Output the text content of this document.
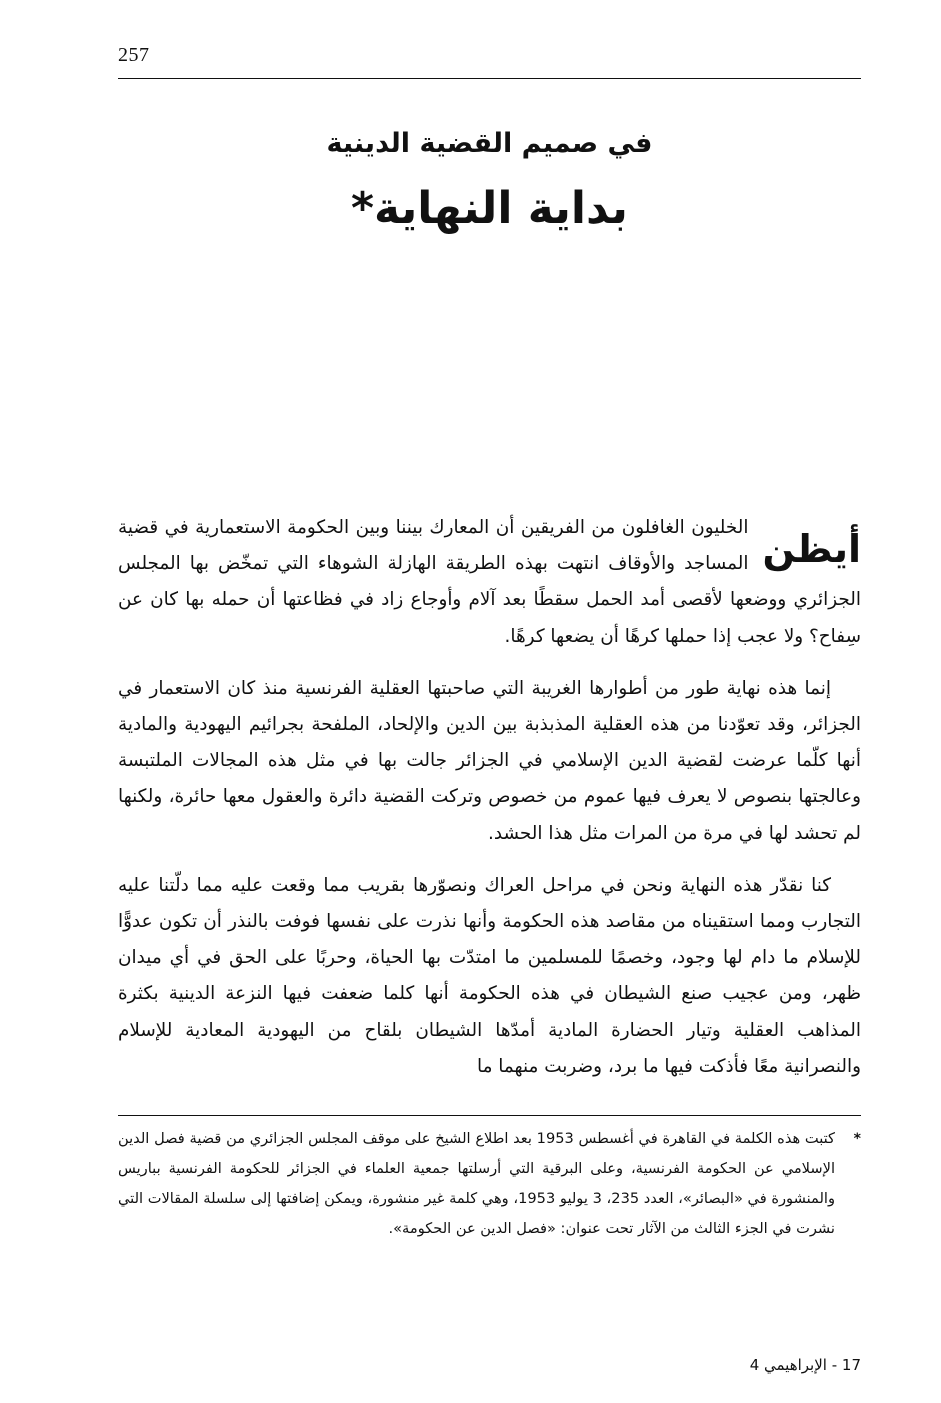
257
في صميم القضية الدينية
بداية النهاية*

أيظن
الخليون الغافلون من الفريقين أن المعارك بيننا وبين الحكومة الاستعمارية في قضية المساجد والأوقاف انتهت بهذه الطريقة الهازلة الشوهاء التي تمخّض بها المجلس الجزائري ووضعها لأقصى أمد الحمل سقطًا بعد آلام وأوجاع زاد في فظاعتها أن حمله بها كان عن سِفاح؟ ولا عجب إذا حملها كرهًا أن يضعها كرهًا.

إنما هذه نهاية طور من أطوارها الغريبة التي صاحبتها العقلية الفرنسية منذ كان الاستعمار في الجزائر، وقد تعوّدنا من هذه العقلية المذبذبة بين الدين والإلحاد، الملفحة بجرائيم اليهودية والمادية أنها كلّما عرضت لقضية الدين الإسلامي في الجزائر جالت بها في مثل هذه المجالات الملتبسة وعالجتها بنصوص لا يعرف فيها عموم من خصوص وتركت القضية دائرة والعقول معها حائرة، ولكنها لم تحشد لها في مرة من المرات مثل هذا الحشد.

كنا نقدّر هذه النهاية ونحن في مراحل العراك ونصوّرها بقريب مما وقعت عليه مما دلّتنا عليه التجارب ومما استقيناه من مقاصد هذه الحكومة وأنها نذرت على نفسها فوفت بالنذر أن تكون عدوًّا للإسلام ما دام لها وجود، وخصمًا للمسلمين ما امتدّت بها الحياة، وحربًا على الحق في أي ميدان ظهر، ومن عجيب صنع الشيطان في هذه الحكومة أنها كلما ضعفت فيها النزعة الدينية بكثرة المذاهب العقلية وتيار الحضارة المادية أمدّها الشيطان بلقاح من اليهودية المعادية للإسلام والنصرانية معًا فأذكت فيها ما برد، وضربت منهما ما

*
كتبت هذه الكلمة في القاهرة في أغسطس 1953 بعد اطلاع الشيخ على موقف المجلس الجزائري من قضية فصل الدين الإسلامي عن الحكومة الفرنسية، وعلى البرقية التي أرسلتها جمعية العلماء في الجزائر للحكومة الفرنسية بباريس والمنشورة في «البصائر»، العدد 235، 3 يوليو 1953، وهي كلمة غير منشورة، ويمكن إضافتها إلى سلسلة المقالات التي نشرت في الجزء الثالث من الآثار تحت عنوان: «فصل الدين عن الحكومة».
17 - الإبراهيمي 4
